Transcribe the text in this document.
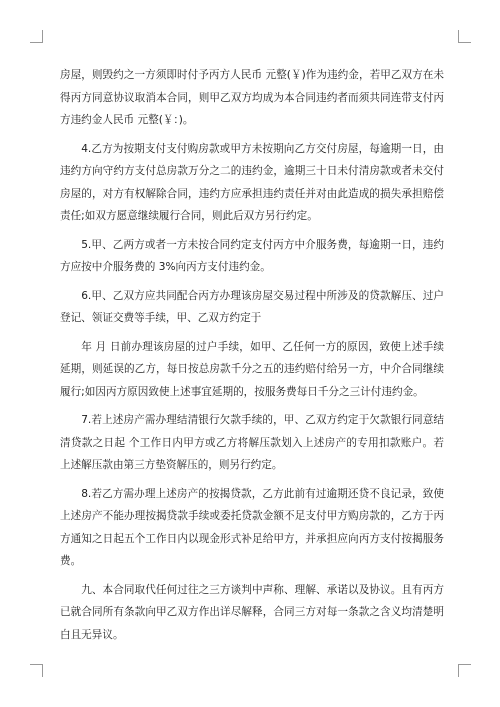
房屋，则毁约之一方须即时付予丙方人民币 元整(￥)作为违约金，若甲乙双方在未得丙方同意协议取消本合同，则甲乙双方均成为本合同违约者而须共同连带支付丙方违约金人民币 元整(￥：)。

4.乙方为按期支付支付购房款或甲方未按期向乙方交付房屋，每逾期一日，由违约方向守约方支付总房款万分之二的违约金，逾期三十日未付清房款或者未交付房屋的，对方有权解除合同，违约方应承担违约责任并对由此造成的损失承担赔偿责任;如双方愿意继续履行合同，则此后双方另行约定。

5.甲、乙两方或者一方未按合同约定支付丙方中介服务费，每逾期一日，违约方应按中介服务费的 3%向丙方支付违约金。

6.甲、乙双方应共同配合丙方办理该房屋交易过程中所涉及的贷款解压、过户登记、领证交费等手续，甲、乙双方约定于

年 月 日前办理该房屋的过户手续，如甲、乙任何一方的原因，致使上述手续延期，则延误的乙方，每日按总房款千分之五的违约赔付给另一方，中介合同继续履行;如因丙方原因致使上述事宜延期的，按服务费每日千分之三计付违约金。

7.若上述房产需办理结清银行欠款手续的，甲、乙双方约定于欠款银行同意结清贷款之日起 个工作日内甲方或乙方将解压款划入上述房产的专用扣款账户。若上述解压款由第三方垫资解压的，则另行约定。

8.若乙方需办理上述房产的按揭贷款，乙方此前有过逾期还贷不良记录，致使上述房产不能办理按揭贷款手续或委托贷款金额不足支付甲方购房款的，乙方于丙方通知之日起五个工作日内以现金形式补足给甲方，并承担应向丙方支付按揭服务费。

九、本合同取代任何过往之三方谈判中声称、理解、承诺以及协议。且有丙方已就合同所有条款向甲乙双方作出详尽解释，合同三方对每一条款之含义均清楚明白且无异议。
